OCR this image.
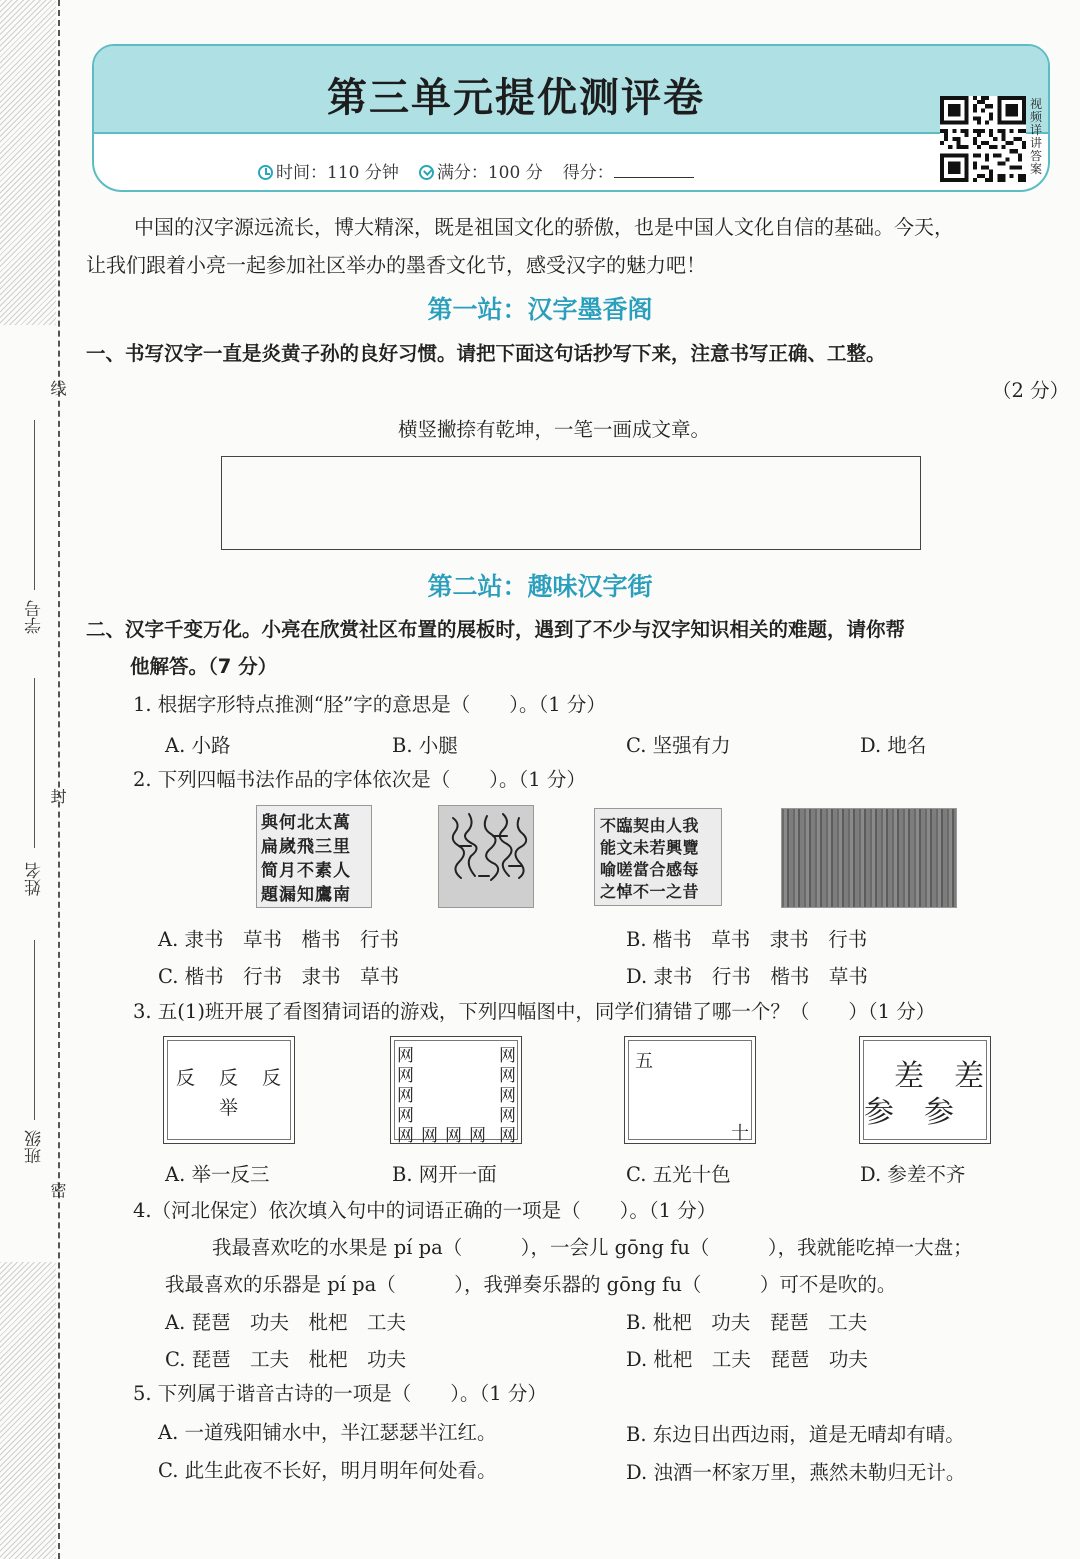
线
封
密
学号
姓名
班级
第三单元提优测评卷
时间：110 分钟	满分：100 分 得分：
视频详讲答案
中国的汉字源远流长，博大精深，既是祖国文化的骄傲，也是中国人文化自信的基础。今天，
让我们跟着小亮一起参加社区举办的墨香文化节，感受汉字的魅力吧！
第一站：汉字墨香阁
一、书写汉字一直是炎黄子孙的良好习惯。请把下面这句话抄写下来，注意书写正确、工整。
（2 分）
横竖撇捺有乾坤，一笔一画成文章。
第二站：趣味汉字街
二、汉字千变万化。小亮在欣赏社区布置的展板时，遇到了不少与汉字知识相关的难题，请你帮
他解答。（7 分）
1. 根据字形特点推测“胫”字的意思是（　　）。（1 分）
A. 小路	B. 小腿	C. 坚强有力	D. 地名
2. 下列四幅书法作品的字体依次是（　　）。（1 分）
與何北太萬 扁嵗飛三里 简月不素人 題漏知鷹南
不臨契由人我 能文未若興覽 喻嗟當合感每 之悼不一之昔
A. 隶书　草书　楷书　行书	B. 楷书　草书　隶书　行书
C. 楷书　行书　隶书　草书	D. 隶书　行书　楷书　草书
3. 五(1)班开展了看图猜词语的游戏，下列四幅图中，同学们猜错了哪一个？（　　）（1 分）
反 反 反
举
网
网
网
网
网 网 网 网
网
网
网
网
网
五
十
差
参
差
参
A. 举一反三	B. 网开一面	C. 五光十色	D. 参差不齐
4.（河北保定）依次填入句中的词语正确的一项是（　　）。（1 分）
我最喜欢吃的水果是 pí pa（　　　），一会儿 gōng fu（　　　），我就能吃掉一大盘；
我最喜欢的乐器是 pí pa（　　　），我弹奏乐器的 gōng fu（　　　）可不是吹的。
A. 琵琶　功夫　枇杷　工夫	B. 枇杷　功夫　琵琶　工夫
C. 琵琶　工夫　枇杷　功夫	D. 枇杷　工夫　琵琶　功夫
5. 下列属于谐音古诗的一项是（　　）。（1 分）
A. 一道残阳铺水中，半江瑟瑟半江红。	B. 东边日出西边雨，道是无晴却有晴。
C. 此生此夜不长好，明月明年何处看。	D. 浊酒一杯家万里，燕然未勒归无计。
